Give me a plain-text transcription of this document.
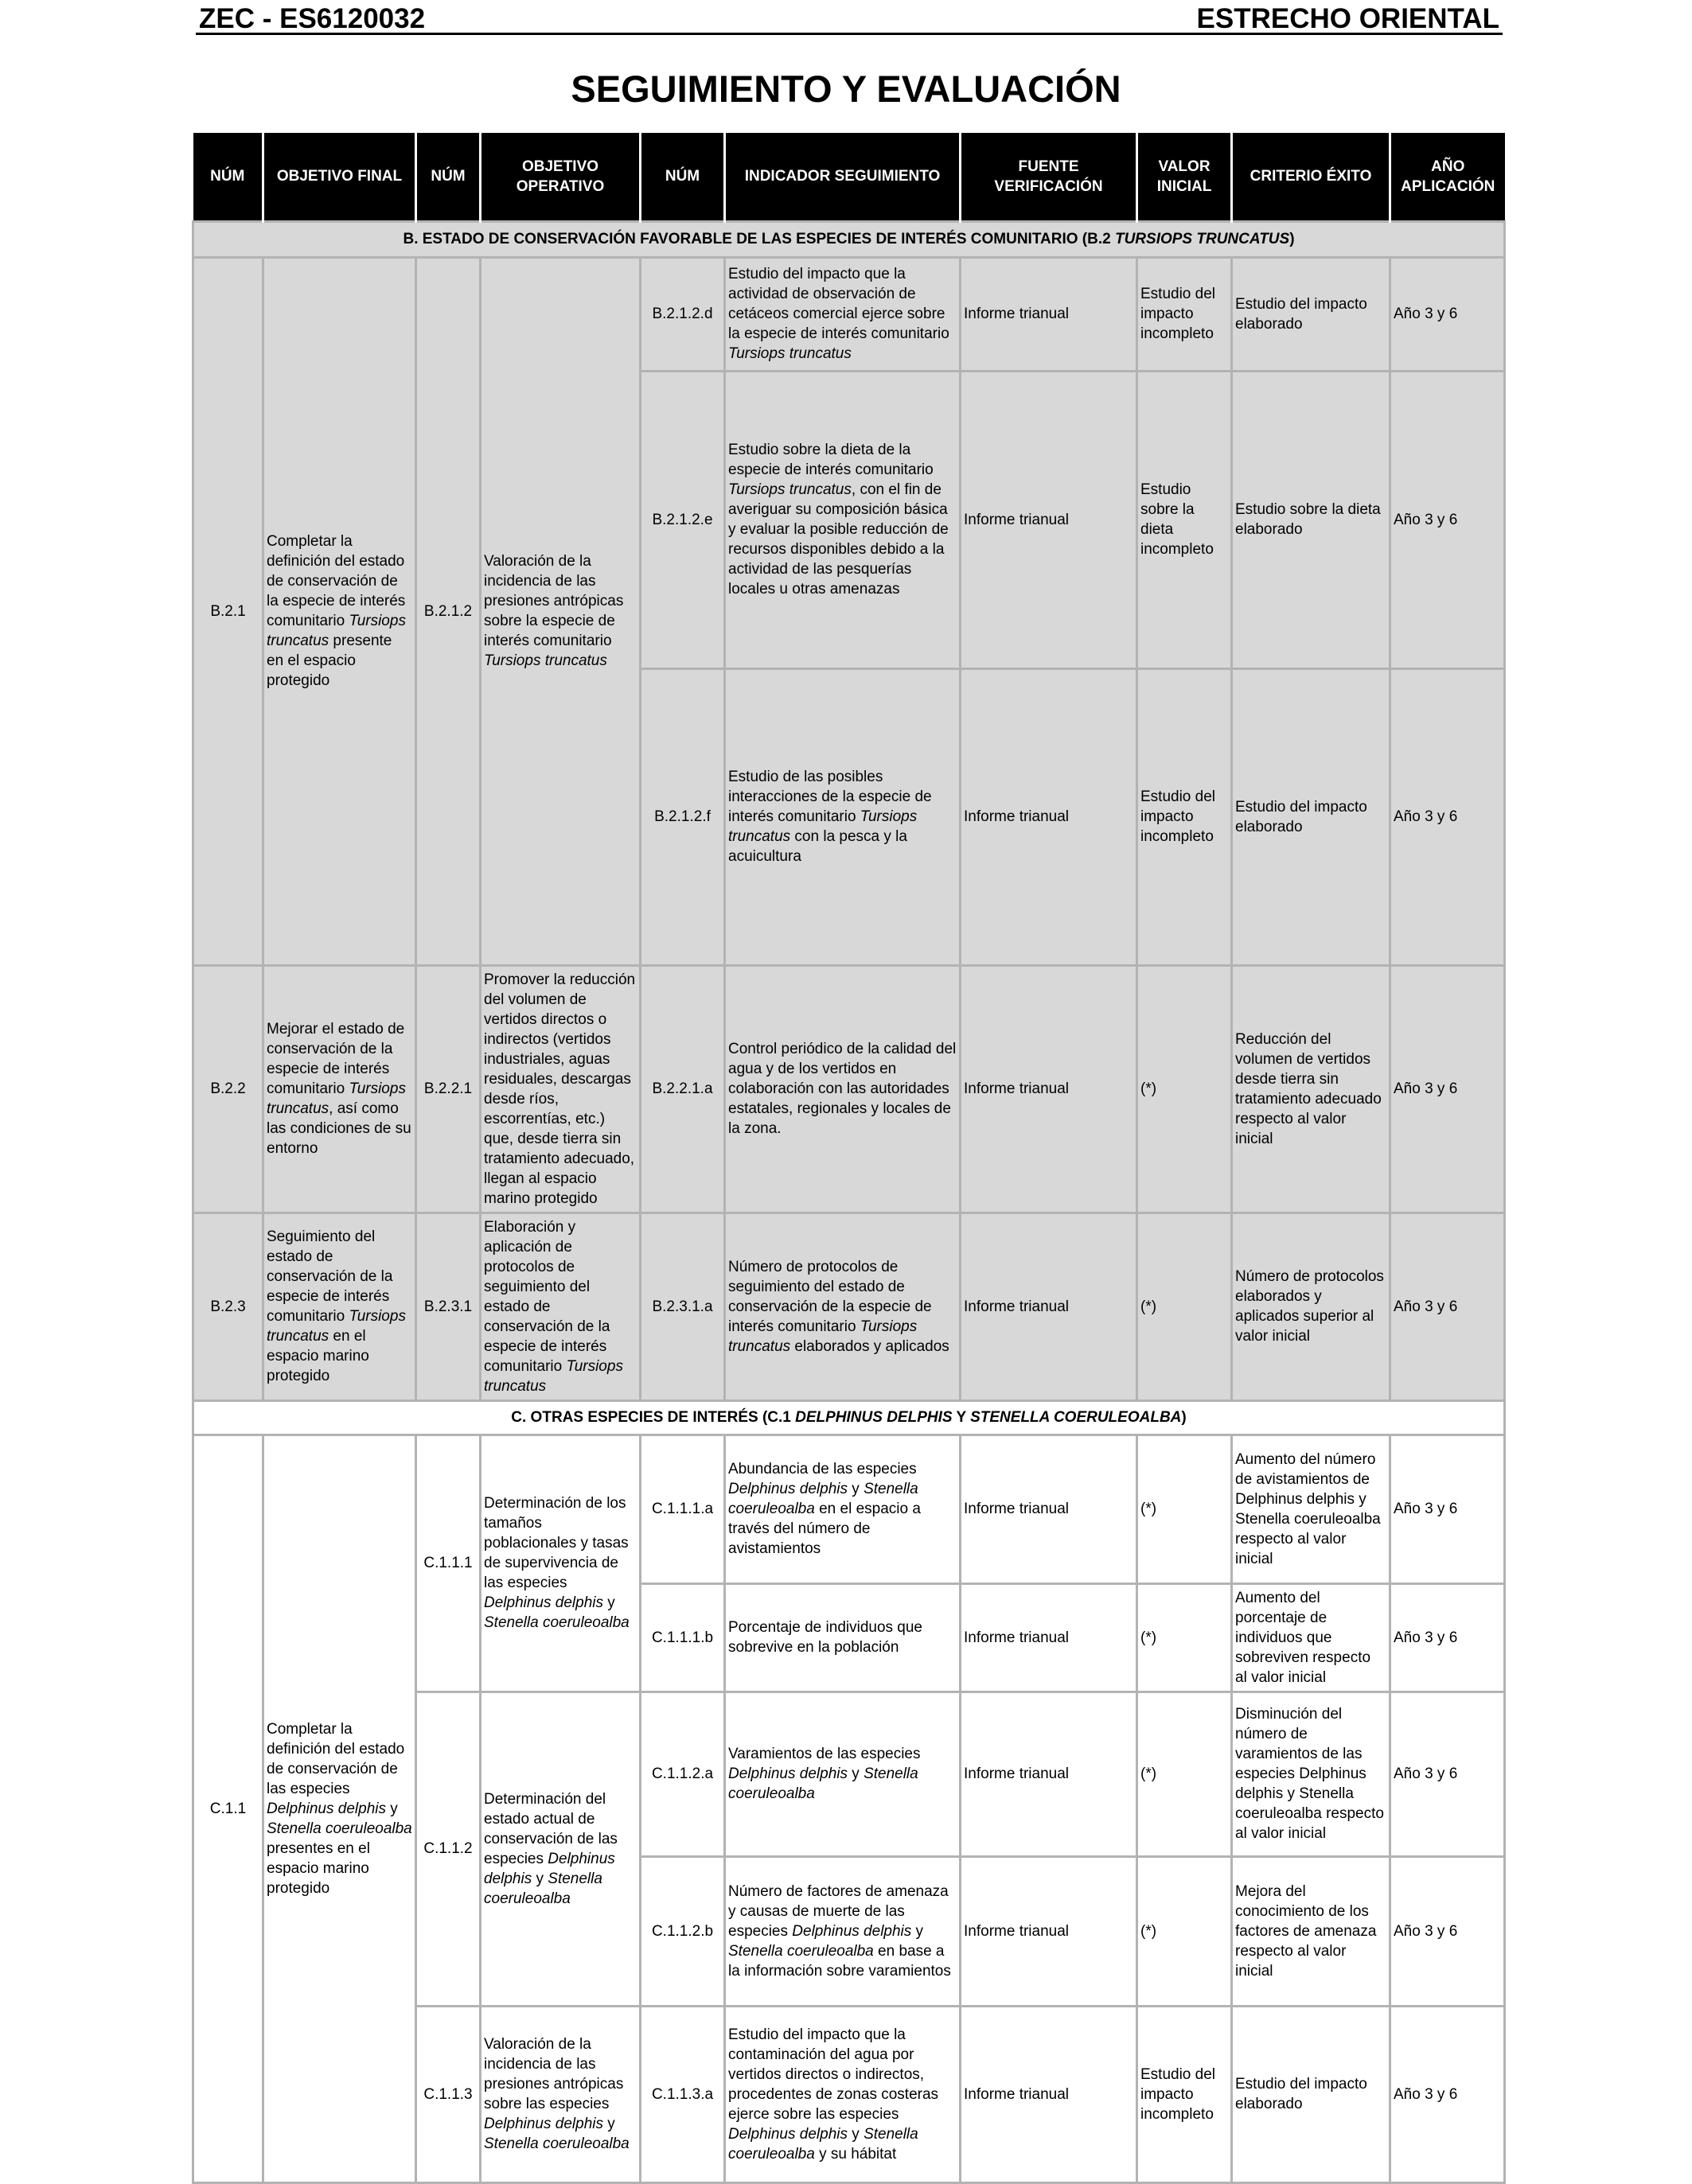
ZEC - ES6120032	ESTRECHO ORIENTAL
SEGUIMIENTO Y EVALUACIÓN
NÚM	OBJETIVO FINAL	NÚM	OBJETIVO OPERATIVO	NÚM	INDICADOR SEGUIMIENTO	FUENTE VERIFICACIÓN	VALOR INICIAL	CRITERIO ÉXITO	AÑO APLICACIÓN
B. ESTADO DE CONSERVACIÓN FAVORABLE DE LAS ESPECIES DE INTERÉS COMUNITARIO (B.2 TURSIOPS TRUNCATUS)									
B.2.1	Completar la definición del estado de conservación de la especie de interés comunitario Tursiops truncatus presente en el espacio protegido	B.2.1.2	Valoración de la incidencia de las presiones antrópicas sobre la especie de interés comunitario Tursiops truncatus	B.2.1.2.d	Estudio del impacto que la actividad de observación de cetáceos comercial ejerce sobre la especie de interés comunitario Tursiops truncatus	Informe trianual	Estudio del impacto incompleto	Estudio del impacto elaborado	Año 3 y 6
				B.2.1.2.e	Estudio sobre la dieta de la especie de interés comunitario Tursiops truncatus, con el fin de averiguar su composición básica y evaluar la posible reducción de recursos disponibles debido a la actividad de las pesquerías locales u otras amenazas	Informe trianual	Estudio sobre la dieta incompleto	Estudio sobre la dieta elaborado	Año 3 y 6
				B.2.1.2.f	Estudio de las posibles interacciones de la especie de interés comunitario Tursiops truncatus con la pesca y la acuicultura	Informe trianual	Estudio del impacto incompleto	Estudio del impacto elaborado	Año 3 y 6
B.2.2	Mejorar el estado de conservación de la especie de interés comunitario Tursiops truncatus, así como las condiciones de su entorno	B.2.2.1	Promover la reducción del volumen de vertidos directos o indirectos (vertidos industriales, aguas residuales, descargas desde ríos, escorrentías, etc.) que, desde tierra sin tratamiento adecuado, llegan al espacio marino protegido	B.2.2.1.a	Control periódico de la calidad del agua y de los vertidos en colaboración con las autoridades estatales, regionales y locales de la zona.	Informe trianual	(*)	Reducción del volumen de vertidos desde tierra sin tratamiento adecuado respecto al valor inicial	Año 3 y 6
B.2.3	Seguimiento del estado de conservación de la especie de interés comunitario Tursiops truncatus en el espacio marino protegido	B.2.3.1	Elaboración y aplicación de protocolos de seguimiento del estado de conservación de la especie de interés comunitario Tursiops truncatus	B.2.3.1.a	Número de protocolos de seguimiento del estado de conservación de la especie de interés comunitario Tursiops truncatus elaborados y aplicados	Informe trianual	(*)	Número de protocolos elaborados y aplicados superior al valor inicial	Año 3 y 6
C. OTRAS ESPECIES DE INTERÉS (C.1 DELPHINUS DELPHIS Y STENELLA COERULEOALBA)									
C.1.1	Completar la definición del estado de conservación de las especies Delphinus delphis y Stenella coeruleoalba presentes en el espacio marino protegido	C.1.1.1	Determinación de los tamaños poblacionales y tasas de supervivencia de las especies Delphinus delphis y Stenella coeruleoalba	C.1.1.1.a	Abundancia de las especies Delphinus delphis y Stenella coeruleoalba en el espacio a través del número de avistamientos	Informe trianual	(*)	Aumento del número de avistamientos de Delphinus delphis y Stenella coeruleoalba respecto al valor inicial	Año 3 y 6
				C.1.1.1.b	Porcentaje de individuos que sobrevive en la población	Informe trianual	(*)	Aumento del porcentaje de individuos que sobreviven respecto al valor inicial	Año 3 y 6
		C.1.1.2	Determinación del estado actual de conservación de las especies Delphinus delphis y Stenella coeruleoalba	C.1.1.2.a	Varamientos de las especies Delphinus delphis y Stenella coeruleoalba	Informe trianual	(*)	Disminución del número de varamientos de las especies Delphinus delphis y Stenella coeruleoalba respecto al valor inicial	Año 3 y 6
				C.1.1.2.b	Número de factores de amenaza y causas de muerte de las especies Delphinus delphis y Stenella coeruleoalba en base a la información sobre varamientos	Informe trianual	(*)	Mejora del conocimiento de los factores de amenaza respecto al valor inicial	Año 3 y 6
		C.1.1.3	Valoración de la incidencia de las presiones antrópicas sobre las especies Delphinus delphis y Stenella coeruleoalba	C.1.1.3.a	Estudio del impacto que la contaminación del agua por vertidos directos o indirectos, procedentes de zonas costeras ejerce sobre las especies Delphinus delphis y Stenella coeruleoalba y su hábitat	Informe trianual	Estudio del impacto incompleto	Estudio del impacto elaborado	Año 3 y 6
